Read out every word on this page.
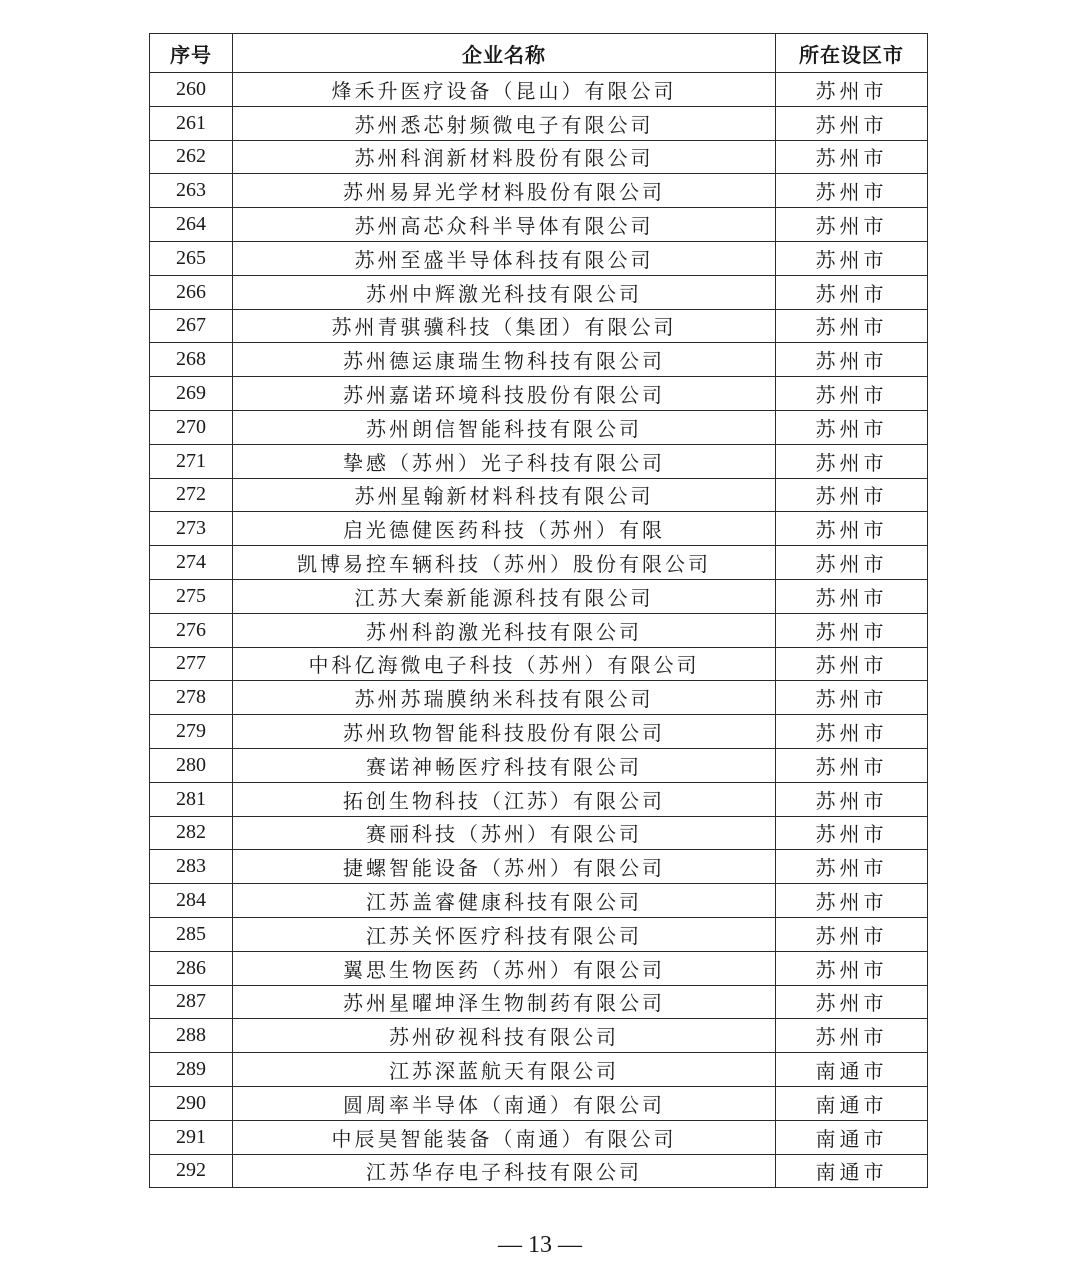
序号	企业名称	所在设区市
260	烽禾升医疗设备（昆山）有限公司	苏州市
261	苏州悉芯射频微电子有限公司	苏州市
262	苏州科润新材料股份有限公司	苏州市
263	苏州易昇光学材料股份有限公司	苏州市
264	苏州高芯众科半导体有限公司	苏州市
265	苏州至盛半导体科技有限公司	苏州市
266	苏州中辉激光科技有限公司	苏州市
267	苏州青骐骥科技（集团）有限公司	苏州市
268	苏州德运康瑞生物科技有限公司	苏州市
269	苏州嘉诺环境科技股份有限公司	苏州市
270	苏州朗信智能科技有限公司	苏州市
271	挚感（苏州）光子科技有限公司	苏州市
272	苏州星翰新材料科技有限公司	苏州市
273	启光德健医药科技（苏州）有限	苏州市
274	凯博易控车辆科技（苏州）股份有限公司	苏州市
275	江苏大秦新能源科技有限公司	苏州市
276	苏州科韵激光科技有限公司	苏州市
277	中科亿海微电子科技（苏州）有限公司	苏州市
278	苏州苏瑞膜纳米科技有限公司	苏州市
279	苏州玖物智能科技股份有限公司	苏州市
280	赛诺神畅医疗科技有限公司	苏州市
281	拓创生物科技（江苏）有限公司	苏州市
282	赛丽科技（苏州）有限公司	苏州市
283	捷螺智能设备（苏州）有限公司	苏州市
284	江苏盖睿健康科技有限公司	苏州市
285	江苏关怀医疗科技有限公司	苏州市
286	翼思生物医药（苏州）有限公司	苏州市
287	苏州星曜坤泽生物制药有限公司	苏州市
288	苏州矽视科技有限公司	苏州市
289	江苏深蓝航天有限公司	南通市
290	圆周率半导体（南通）有限公司	南通市
291	中辰昊智能装备（南通）有限公司	南通市
292	江苏华存电子科技有限公司	南通市
— 13 —
